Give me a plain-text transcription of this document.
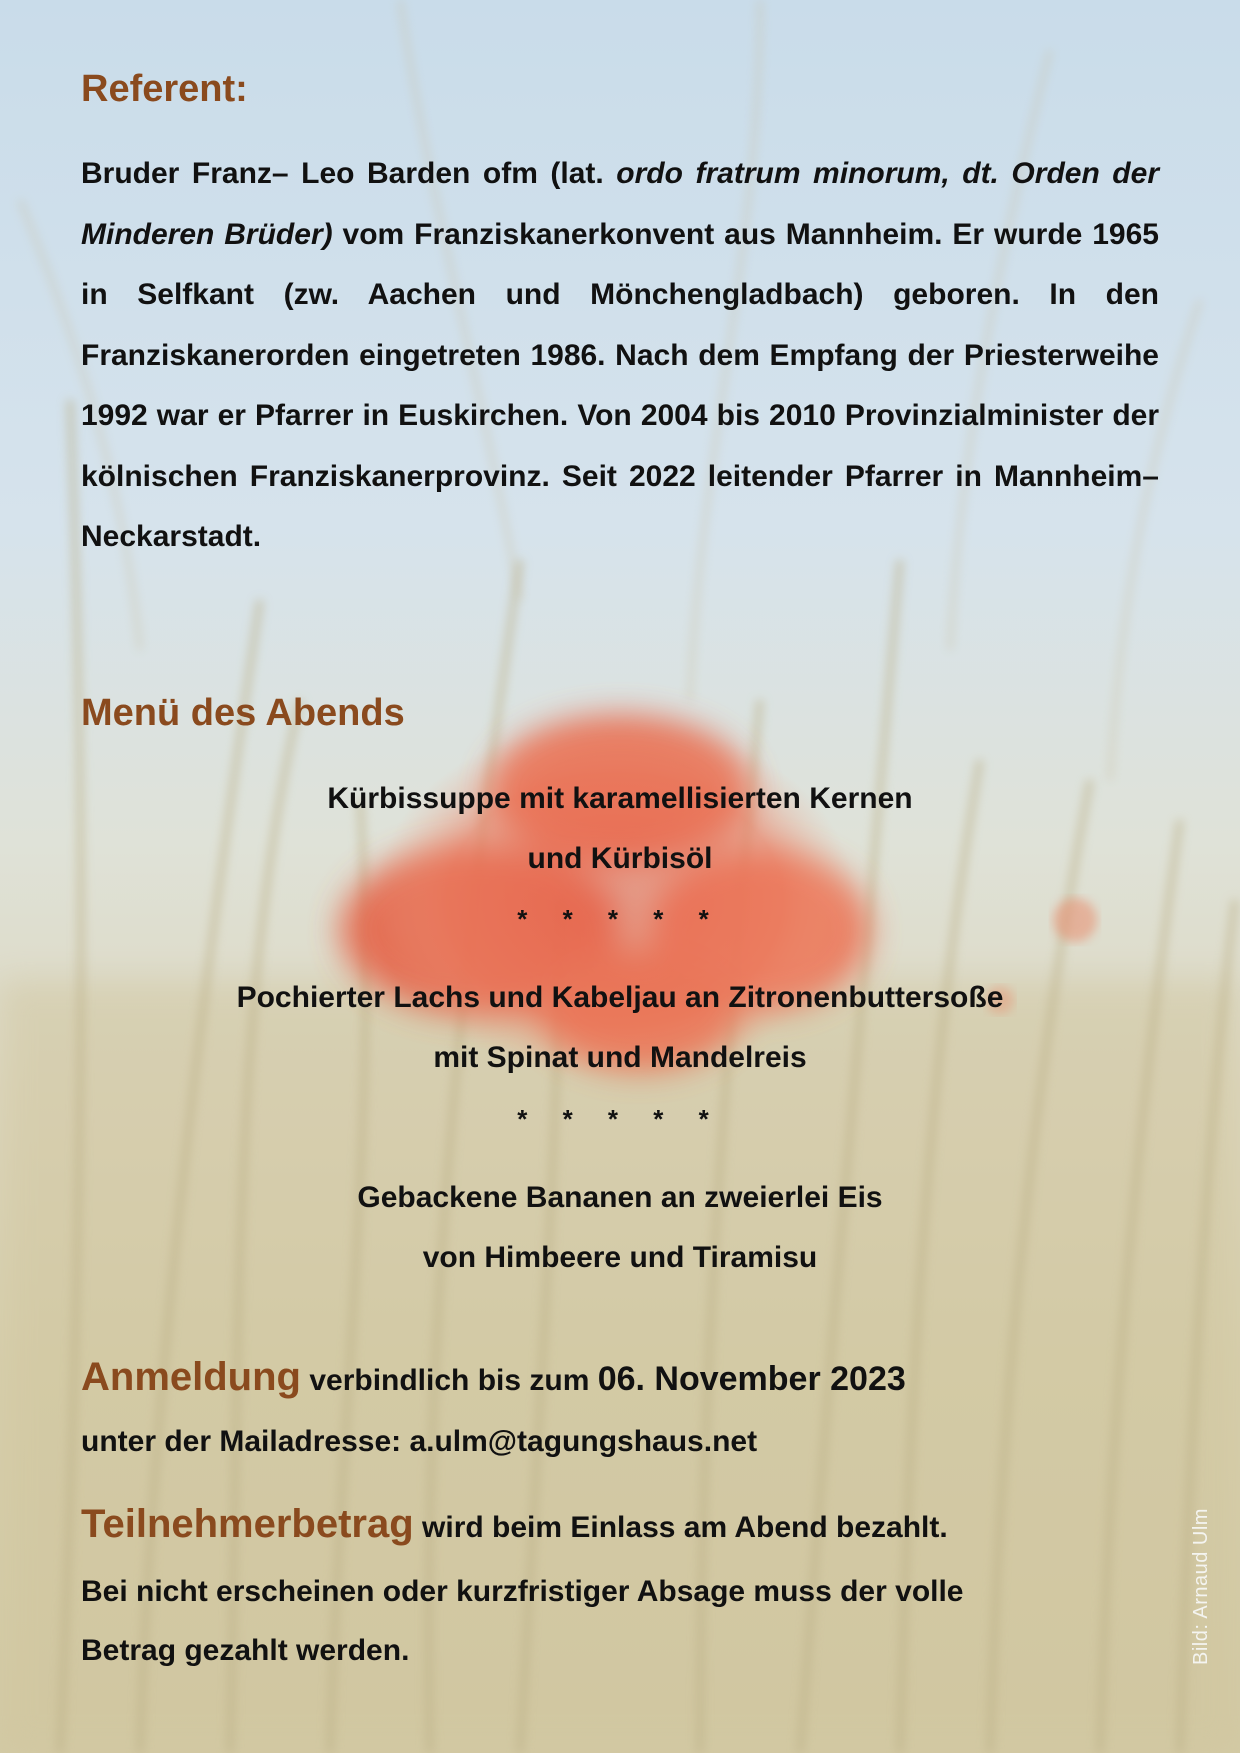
Referent:

Bruder Franz– Leo Barden ofm (lat. ordo fratrum minorum, dt. Orden der Minderen Brüder) vom Franziskanerkonvent aus Mannheim. Er wurde 1965 in Selfkant (zw. Aachen und Mönchengladbach) geboren. In den Franziskanerorden eingetreten 1986. Nach dem Empfang der Priesterweihe 1992 war er Pfarrer in Euskirchen. Von 2004 bis 2010 Provinzialminister der kölnischen Franziskanerprovinz. Seit 2022 leitender Pfarrer in Mannheim– Neckarstadt.

Menü des Abends
Kürbissuppe mit karamellisierten Kernen
und Kürbisöl
* * * * *
Pochierter Lachs und Kabeljau an Zitronenbuttersoße
mit Spinat und Mandelreis
* * * * *
Gebackene Bananen an zweierlei Eis
von Himbeere und Tiramisu

Anmeldung verbindlich bis zum 06. November 2023

unter der Mailadresse: a.ulm@tagungshaus.net

Teilnehmerbetrag wird beim Einlass am Abend bezahlt.

Bei nicht erscheinen oder kurzfristiger Absage muss der volle

Betrag gezahlt werden.	Bild: Arnaud Ulm
